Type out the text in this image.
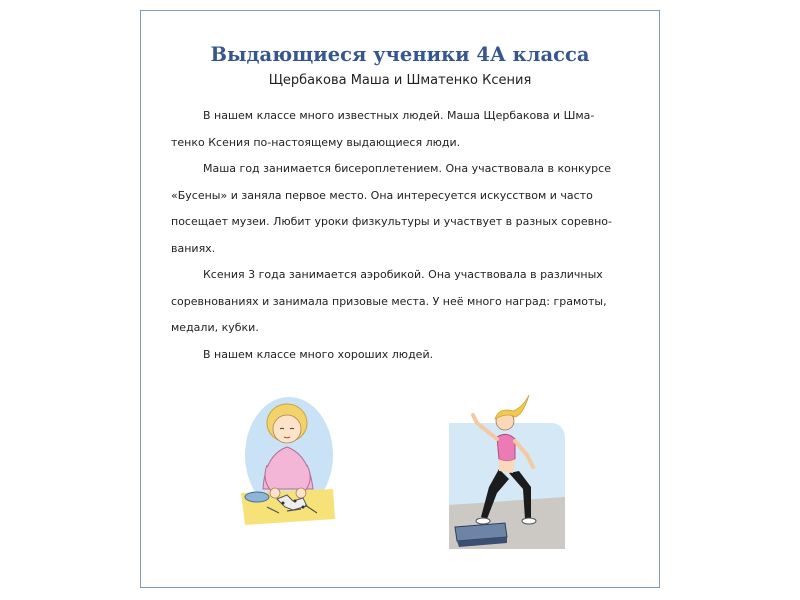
Выдающиеся ученики 4А класса
Щербакова Маша и Шматенко Ксения
В нашем классе много известных людей. Маша Щербакова и Шма-
тенко Ксения по-настоящему выдающиеся люди.
Маша год занимается бисероплетением. Она участвовала в конкурсе
«Бусены» и заняла первое место. Она интересуется искусством и часто
посещает музеи. Любит уроки физкультуры и участвует в разных соревно-
ваниях.
Ксения 3 года занимается аэробикой. Она участвовала в различных
соревнованиях и занимала призовые места. У неё много наград: грамоты,
медали, кубки.
В нашем классе много хороших людей.
